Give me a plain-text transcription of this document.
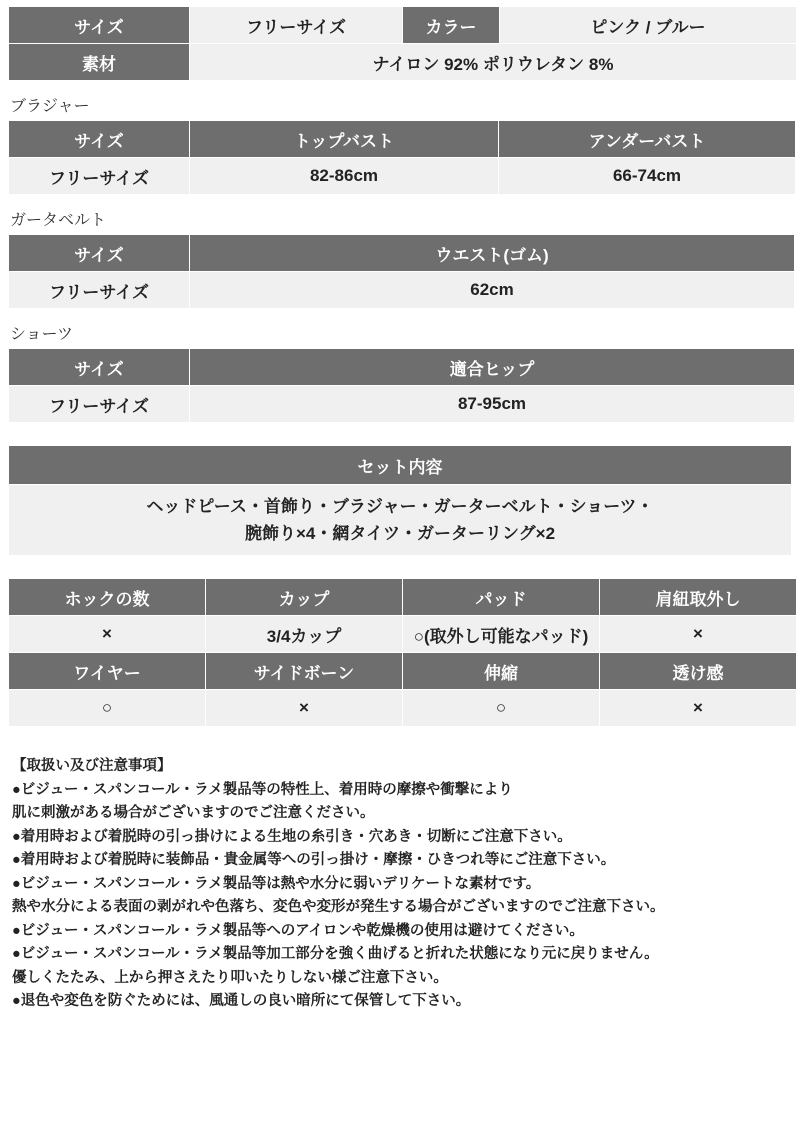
サイズ	フリーサイズ	カラー	ピンク / ブルー
素材	ナイロン 92% ポリウレタン 8%		
ブラジャー
サイズ	トップバスト	アンダーバスト
フリーサイズ	82-86cm	66-74cm
ガータベルト
サイズ	ウエスト(ゴム)
フリーサイズ	62cm
ショーツ
サイズ	適合ヒップ
フリーサイズ	87-95cm
セット内容

ヘッドピース・首飾り・ブラジャー・ガーターベルト・ショーツ・
腕飾り×4・網タイツ・ガーターリング×2
ホックの数	カップ	パッド	肩紐取外し
×	3/4カップ	○(取外し可能なパッド)	×
ワイヤー	サイドボーン	伸縮	透け感
○	×	○	×
【取扱い及び注意事項】
●ビジュー・スパンコール・ラメ製品等の特性上、着用時の摩擦や衝撃により
肌に刺激がある場合がございますのでご注意ください。
●着用時および着脱時の引っ掛けによる生地の糸引き・穴あき・切断にご注意下さい。
●着用時および着脱時に装飾品・貴金属等への引っ掛け・摩擦・ひきつれ等にご注意下さい。
●ビジュー・スパンコール・ラメ製品等は熱や水分に弱いデリケートな素材です。
熱や水分による表面の剥がれや色落ち、変色や変形が発生する場合がございますのでご注意下さい。
●ビジュー・スパンコール・ラメ製品等へのアイロンや乾燥機の使用は避けてください。
●ビジュー・スパンコール・ラメ製品等加工部分を強く曲げると折れた状態になり元に戻りません。
優しくたたみ、上から押さえたり叩いたりしない様ご注意下さい。
●退色や変色を防ぐためには、風通しの良い暗所にて保管して下さい。
